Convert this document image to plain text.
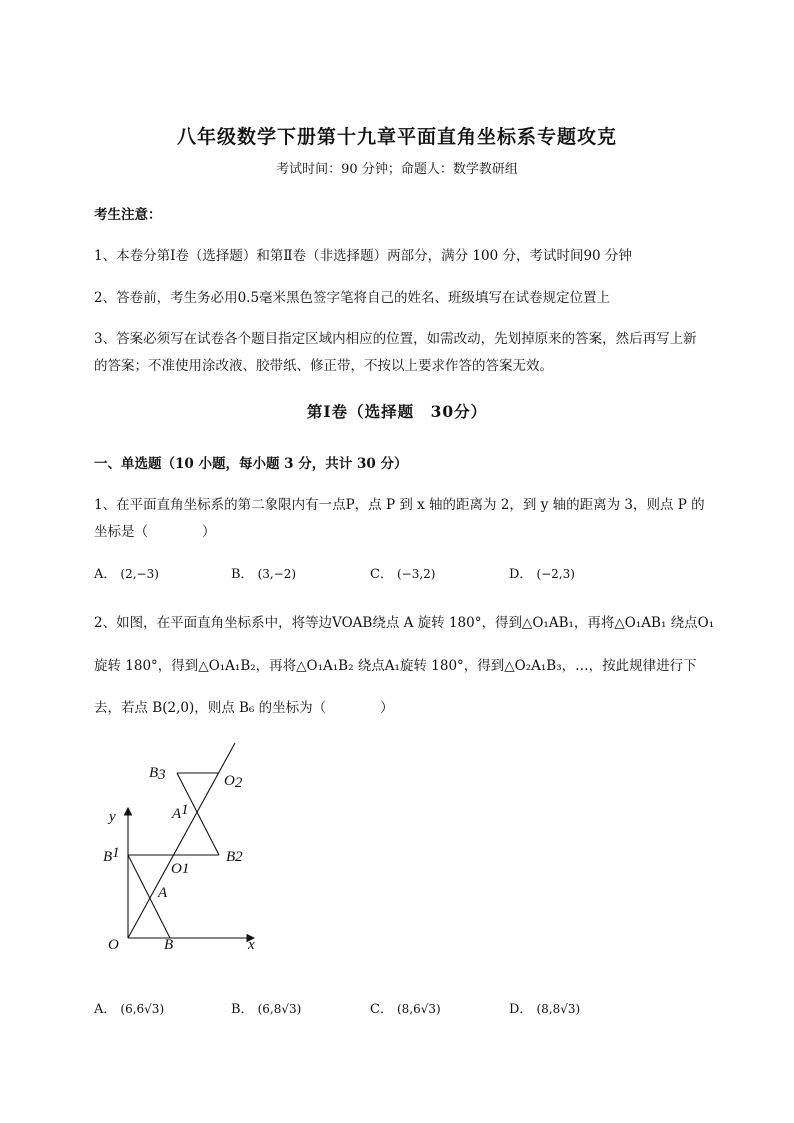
八年级数学下册第十九章平面直角坐标系专题攻克
考试时间：90 分钟；命题人：数学教研组
考生注意：
1、本卷分第Ⅰ卷（选择题）和第Ⅱ卷（非选择题）两部分，满分 100 分，考试时间90 分钟
2、答卷前，考生务必用0.5毫米黑色签字笔将自己的姓名、班级填写在试卷规定位置上
3、答案必须写在试卷各个题目指定区域内相应的位置，如需改动，先划掉原来的答案，然后再写上新
的答案；不准使用涂改液、胶带纸、修正带，不按以上要求作答的答案无效。
第Ⅰ卷（选择题　30分）
一、单选题（10 小题，每小题 3 分，共计 30 分）
1、在平面直角坐标系的第二象限内有一点P，点 P 到 x 轴的距离为 2，到 y 轴的距离为 3，则点 P 的
坐标是（　　　　）
A． (2,−3)	B． (3,−2)	C． (−3,2)	D． (−2,3)
2、如图，在平面直角坐标系中，将等边VOAB绕点 A 旋转 180°，得到△O₁AB₁，再将△O₁AB₁ 绕点O₁
旋转 180°，得到△O₁A₁B₂，再将△O₁A₁B₂ 绕点A₁旋转 180°，得到△O₂A₁B₃，…，按此规律进行下
去，若点 B(2,0)，则点 B₆ 的坐标为（　　　　）
B3	O2
A1
y
B1
O1
B2
A
O	B	x
A． (6,6√3)	B． (6,8√3)	C． (8,6√3)	D． (8,8√3)
